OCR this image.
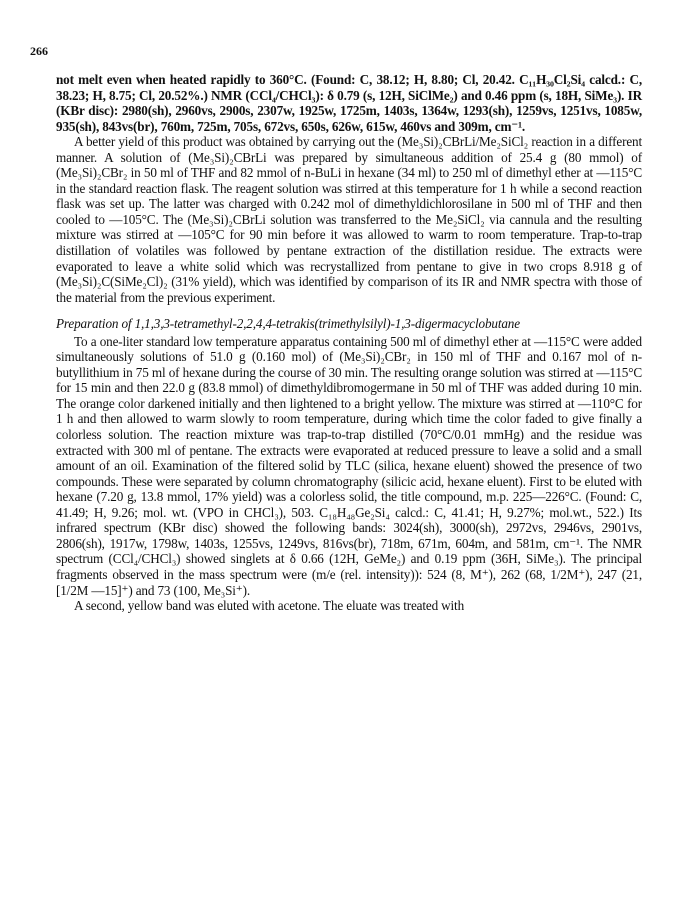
266

not melt even when heated rapidly to 360°C. (Found: C, 38.12; H, 8.80; Cl, 20.42. C₁₁H₃₀Cl₂Si₄ calcd.: C, 38.23; H, 8.75; Cl, 20.52%.) NMR (CCl₄/CHCl₃): δ 0.79 (s, 12H, SiClMe₂) and 0.46 ppm (s, 18H, SiMe₃). IR (KBr disc): 2980(sh), 2960vs, 2900s, 2307w, 1925w, 1725m, 1403s, 1364w, 1293(sh), 1259vs, 1251vs, 1085w, 935(sh), 843vs(br), 760m, 725m, 705s, 672vs, 650s, 626w, 615w, 460vs and 309m, cm⁻¹.

A better yield of this product was obtained by carrying out the (Me₃Si)₂CBrLi/Me₂SiCl₂ reaction in a different manner. A solution of (Me₃Si)₂CBrLi was prepared by simultaneous addition of 25.4 g (80 mmol) of (Me₃Si)₂CBr₂ in 50 ml of THF and 82 mmol of n-BuLi in hexane (34 ml) to 250 ml of dimethyl ether at —115°C in the standard reaction flask. The reagent solution was stirred at this temperature for 1 h while a second reaction flask was set up. The latter was charged with 0.242 mol of dimethyldichlorosilane in 500 ml of THF and then cooled to —105°C. The (Me₃Si)₂CBrLi solution was transferred to the Me₂SiCl₂ via cannula and the resulting mixture was stirred at —105°C for 90 min before it was allowed to warm to room temperature. Trap-to-trap distillation of volatiles was followed by pentane extraction of the distillation residue. The extracts were evaporated to leave a white solid which was recrystallized from pentane to give in two crops 8.918 g of (Me₃Si)₂C(SiMe₂Cl)₂ (31% yield), which was identified by comparison of its IR and NMR spectra with those of the material from the previous experiment.

Preparation of 1,1,3,3-tetramethyl-2,2,4,4-tetrakis(trimethylsilyl)-1,3-digermacyclobutane

To a one-liter standard low temperature apparatus containing 500 ml of dimethyl ether at —115°C were added simultaneously solutions of 51.0 g (0.160 mol) of (Me₃Si)₂CBr₂ in 150 ml of THF and 0.167 mol of n-butyllithium in 75 ml of hexane during the course of 30 min. The resulting orange solution was stirred at —115°C for 15 min and then 22.0 g (83.8 mmol) of dimethyldibromogermane in 50 ml of THF was added during 10 min. The orange color darkened initially and then lightened to a bright yellow. The mixture was stirred at —110°C for 1 h and then allowed to warm slowly to room temperature, during which time the color faded to give finally a colorless solution. The reaction mixture was trap-to-trap distilled (70°C/0.01 mmHg) and the residue was extracted with 300 ml of pentane. The extracts were evaporated at reduced pressure to leave a solid and a small amount of an oil. Examination of the filtered solid by TLC (silica, hexane eluent) showed the presence of two compounds. These were separated by column chromatography (silicic acid, hexane eluent). First to be eluted with hexane (7.20 g, 13.8 mmol, 17% yield) was a colorless solid, the title compound, m.p. 225—226°C. (Found: C, 41.49; H, 9.26; mol. wt. (VPO in CHCl₃), 503. C₁₈H₄₈Ge₂Si₄ calcd.: C, 41.41; H, 9.27%; mol.wt., 522.) Its infrared spectrum (KBr disc) showed the following bands: 3024(sh), 3000(sh), 2972vs, 2946vs, 2901vs, 2806(sh), 1917w, 1798w, 1403s, 1255vs, 1249vs, 816vs(br), 718m, 671m, 604m, and 581m, cm⁻¹. The NMR spectrum (CCl₄/CHCl₃) showed singlets at δ 0.66 (12H, GeMe₂) and 0.19 ppm (36H, SiMe₃). The principal fragments observed in the mass spectrum were (m/e (rel. intensity)): 524 (8, M⁺), 262 (68, 1/2M⁺), 247 (21, [1/2M —15]⁺) and 73 (100, Me₃Si⁺).

A second, yellow band was eluted with acetone. The eluate was treated with
